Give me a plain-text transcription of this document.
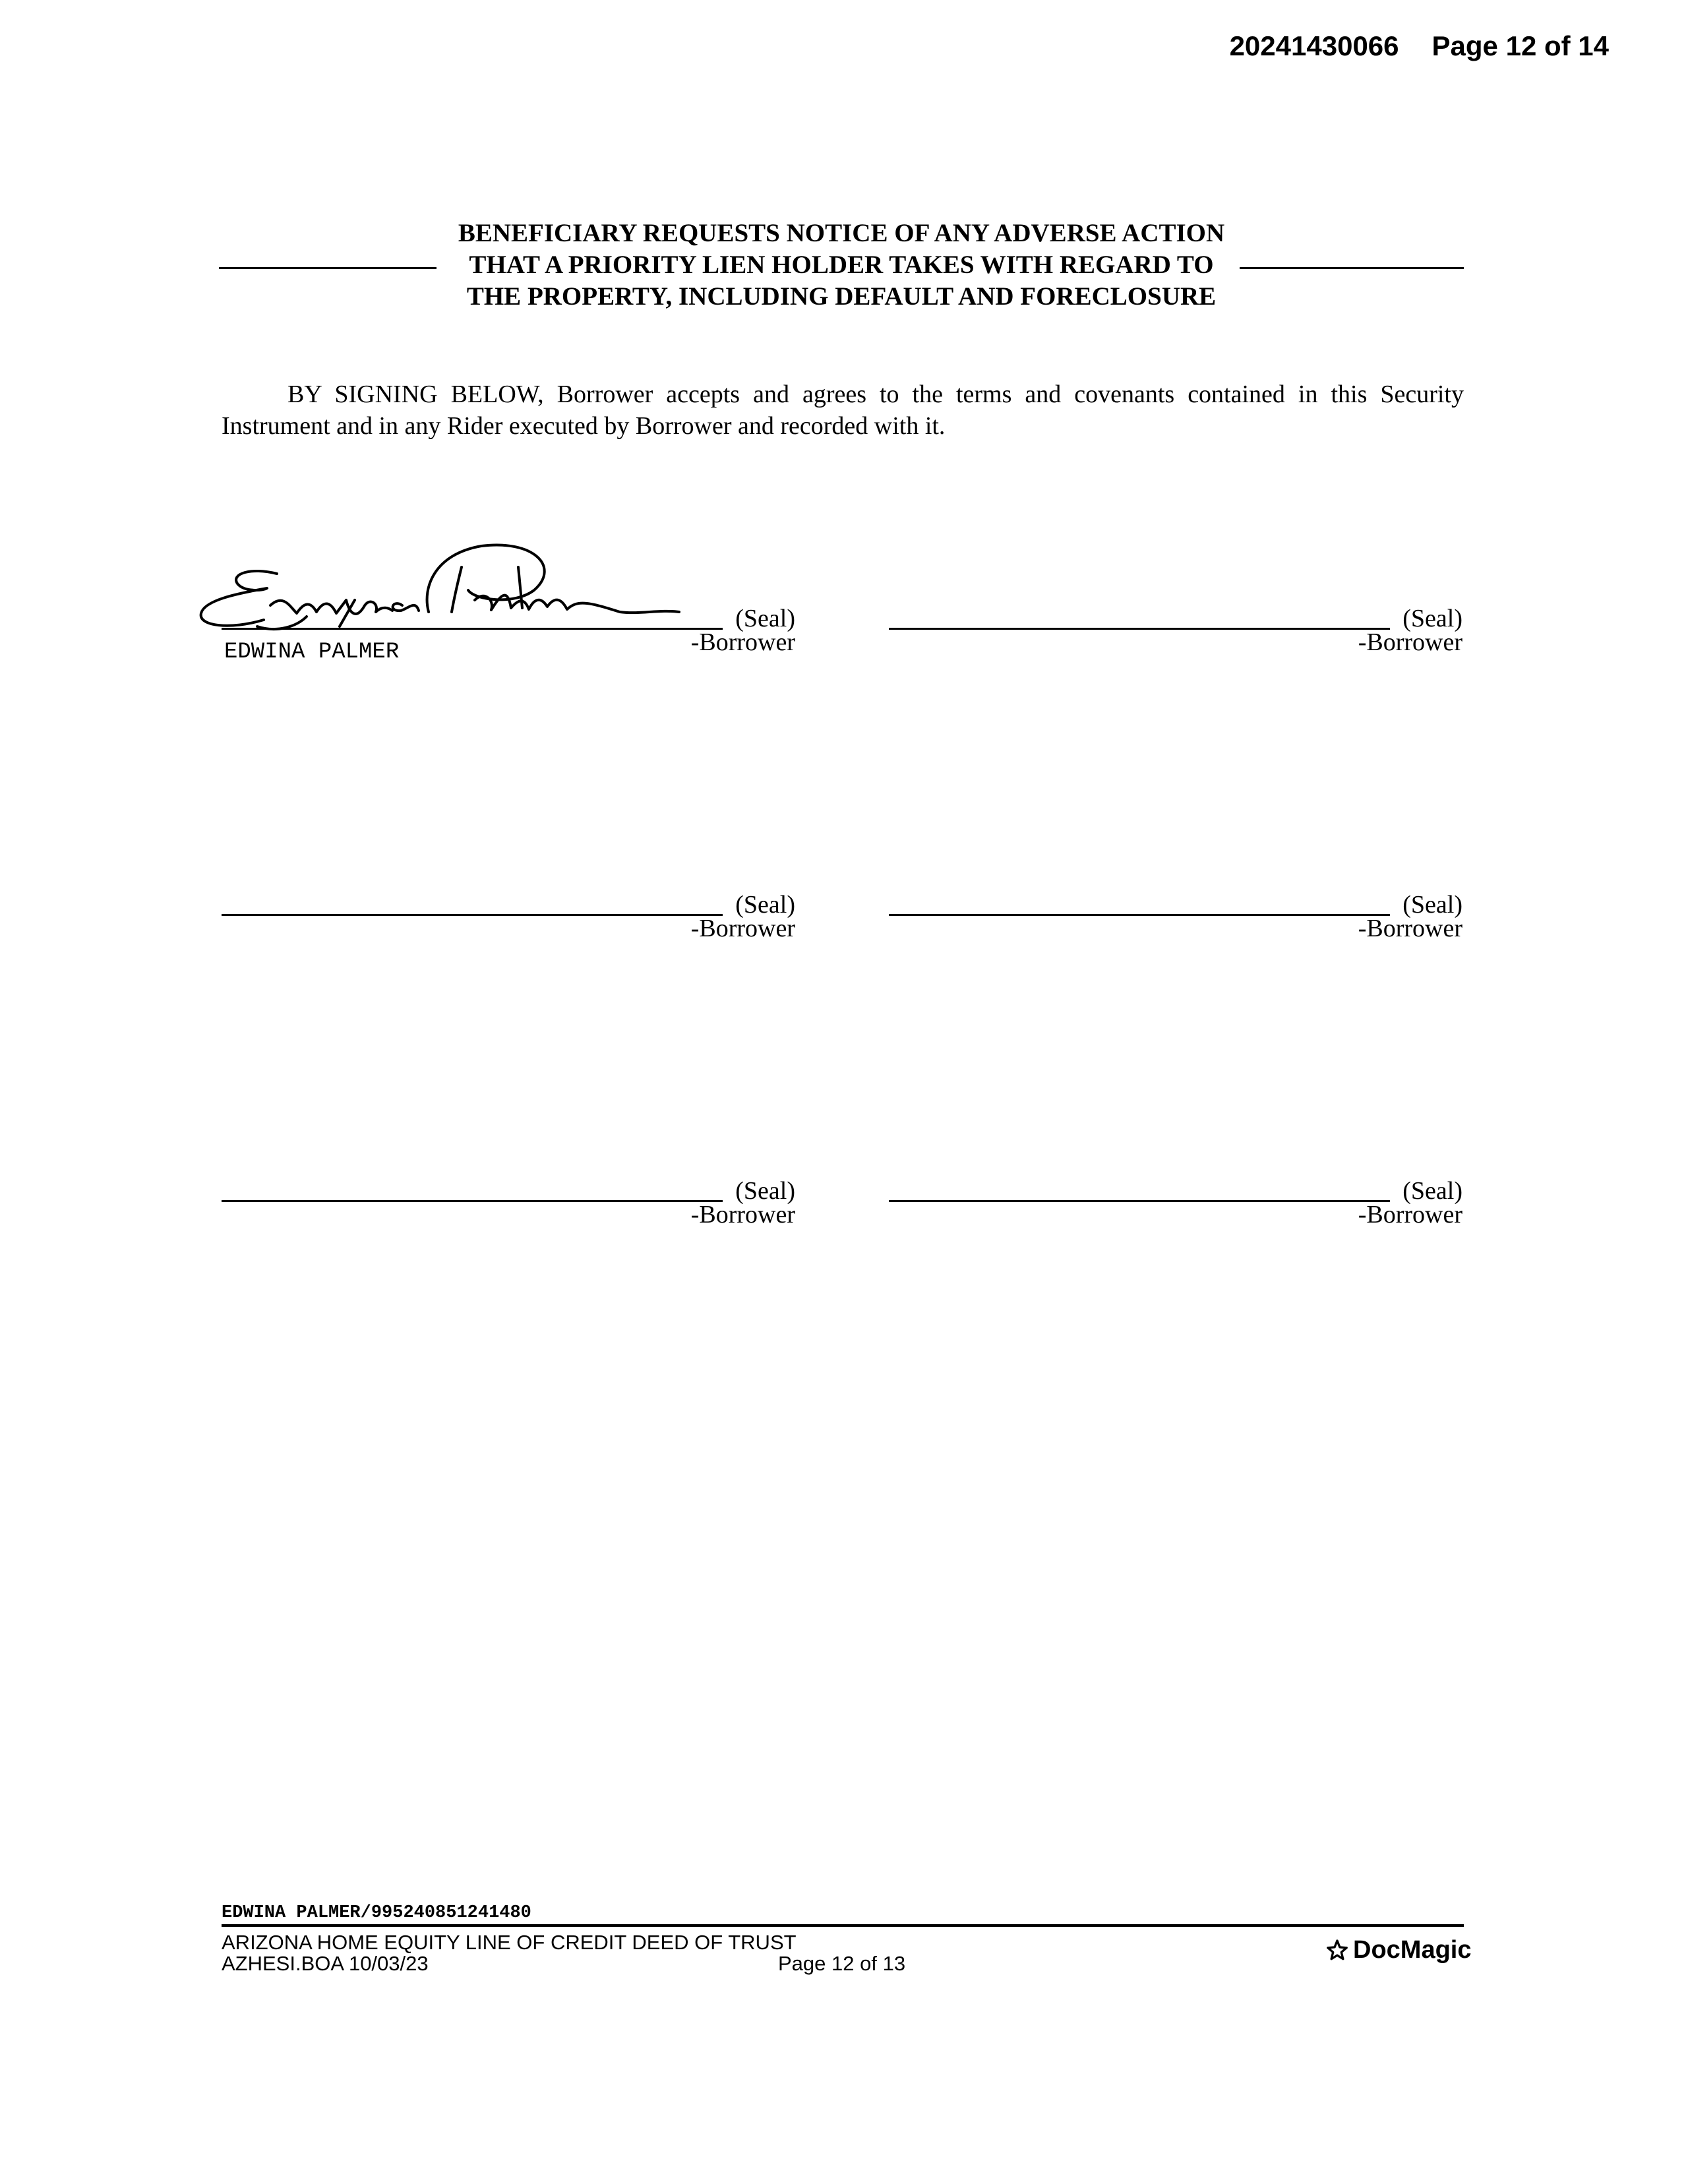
20241430066 Page 12 of 14
BENEFICIARY REQUESTS NOTICE OF ANY ADVERSE ACTION
THAT A PRIORITY LIEN HOLDER TAKES WITH REGARD TO
THE PROPERTY, INCLUDING DEFAULT AND FORECLOSURE

BY SIGNING BELOW, Borrower accepts and agrees to the terms and covenants contained in this Security Instrument and in any Rider executed by Borrower and recorded with it.

(Seal)
-Borrower
EDWINA PALMER
(Seal)
-Borrower
(Seal)
-Borrower
(Seal)
-Borrower
(Seal)
-Borrower
(Seal)
-Borrower
EDWINA PALMER/995240851241480
ARIZONA HOME EQUITY LINE OF CREDIT DEED OF TRUST
AZHESI.BOA 10/03/23	Page 12 of 13	DocMagic
